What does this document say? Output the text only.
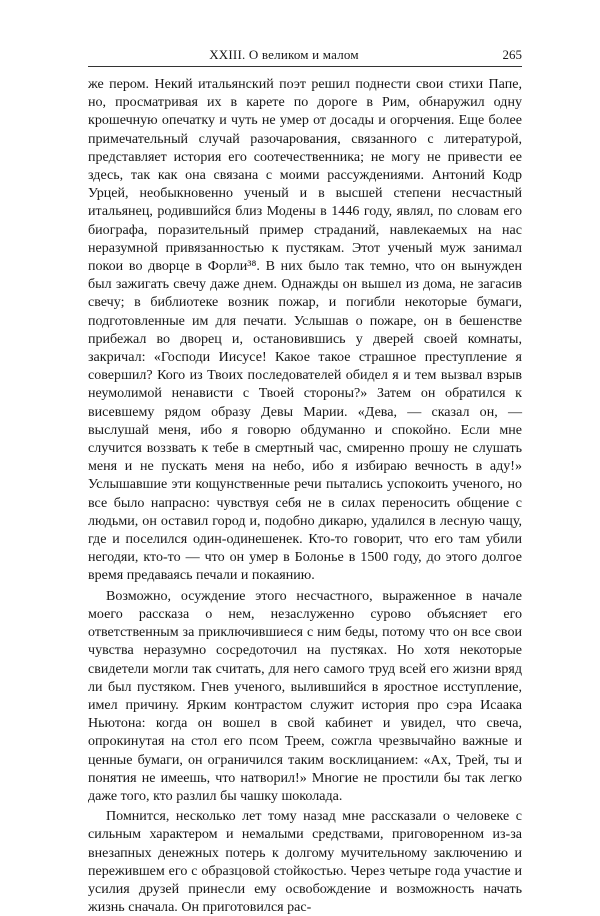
XXIII. О великом и малом	265

же пером. Некий итальянский поэт решил поднести свои стихи Папе, но, просматривая их в карете по дороге в Рим, обнаружил одну крошечную опечатку и чуть не умер от досады и огорчения. Еще более примечательный случай разочарования, связанного с литературой, представляет история его соотечественника; не могу не привести ее здесь, так как она связана с моими рассуждениями. Антоний Кодр Урцей, необыкновенно ученый и в высшей степени несчастный итальянец, родившийся близ Модены в 1446 году, являл, по словам его биографа, поразительный пример страданий, навлекаемых на нас неразумной привязанностью к пустякам. Этот ученый муж занимал покои во дворце в Форли³⁸. В них было так темно, что он вынужден был зажигать свечу даже днем. Однажды он вышел из дома, не загасив свечу; в библиотеке возник пожар, и погибли некоторые бумаги, подготовленные им для печати. Услышав о пожаре, он в бешенстве прибежал во дворец и, остановившись у дверей своей комнаты, закричал: «Господи Иисусе! Какое такое страшное преступление я совершил? Кого из Твоих последователей обидел я и тем вызвал взрыв неумолимой ненависти с Твоей стороны?» Затем он обратился к висевшему рядом образу Девы Марии. «Дева, — сказал он, — выслушай меня, ибо я говорю обдуманно и спокойно. Если мне случится воззвать к тебе в смертный час, смиренно прошу не слушать меня и не пускать меня на небо, ибо я избираю вечность в аду!» Услышавшие эти кощунственные речи пытались успокоить ученого, но все было напрасно: чувствуя себя не в силах переносить общение с людьми, он оставил город и, подобно дикарю, удалился в лесную чащу, где и поселился один-одинешенек. Кто-то говорит, что его там убили негодяи, кто-то — что он умер в Болонье в 1500 году, до этого долгое время предаваясь печали и покаянию.

Возможно, осуждение этого несчастного, выраженное в начале моего рассказа о нем, незаслуженно сурово объясняет его ответственным за приключившиеся с ним беды, потому что он все свои чувства неразумно сосредоточил на пустяках. Но хотя некоторые свидетели могли так считать, для него самого труд всей его жизни вряд ли был пустяком. Гнев ученого, вылившийся в яростное исступление, имел причину. Ярким контрастом служит история про сэра Исаака Ньютона: когда он вошел в свой кабинет и увидел, что свеча, опрокинутая на стол его псом Треем, сожгла чрезвычайно важные и ценные бумаги, он ограничился таким восклицанием: «Ах, Трей, ты и понятия не имеешь, что натворил!» Многие не простили бы так легко даже того, кто разлил бы чашку шоколада.

Помнится, несколько лет тому назад мне рассказали о человеке с сильным характером и немалыми средствами, приговоренном из-за внезапных денежных потерь к долгому мучительному заключению и пережившем его с образцовой стойкостью. Через четыре года участие и усилия друзей принесли ему освобождение и возможность начать жизнь сначала. Он приготовился рас-
